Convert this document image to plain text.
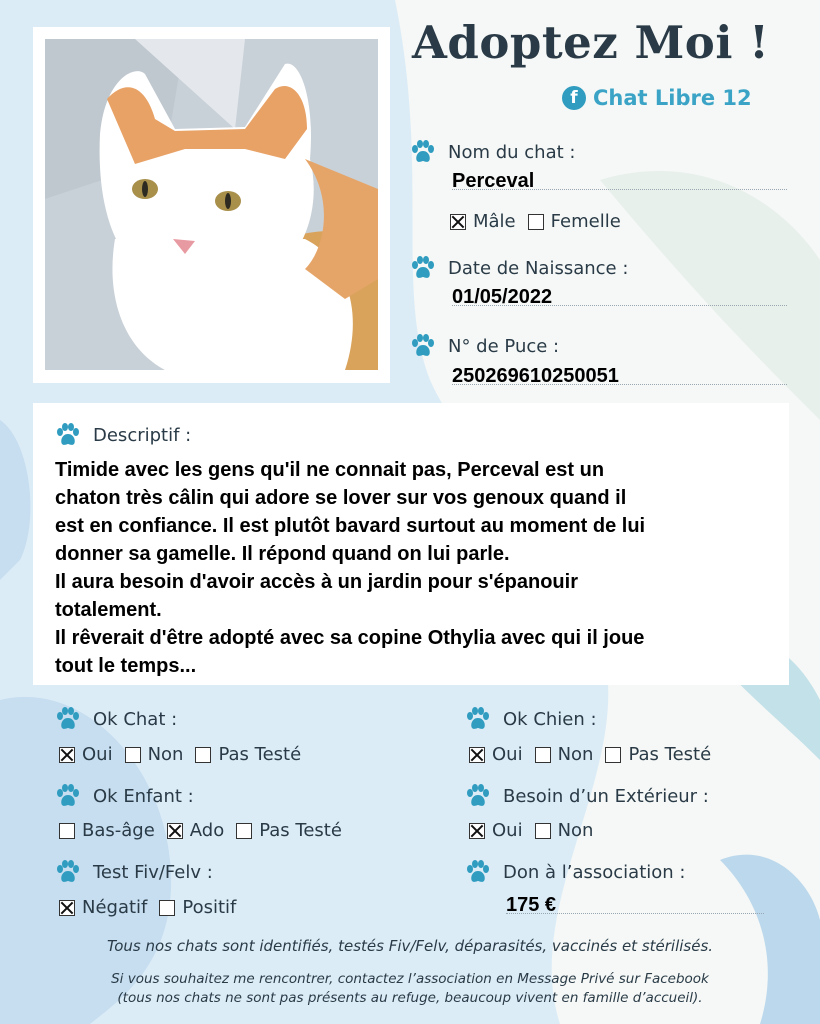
Adoptez Moi !
f Chat Libre 12
Nom du chat :
Perceval
Mâle Femelle
Date de Naissance :
01/05/2022
N° de Puce :
250269610250051
Descriptif :
Timide avec les gens qu'il ne connait pas, Perceval est un
chaton très câlin qui adore se lover sur vos genoux quand il
est en confiance. Il est plutôt bavard surtout au moment de lui
donner sa gamelle. Il répond quand on lui parle.
Il aura besoin d'avoir accès à un jardin pour s'épanouir
totalement.
Il rêverait d'être adopté avec sa copine Othylia avec qui il joue
tout le temps...
Ok Chat :
Oui Non Pas Testé
Ok Chien :
Oui Non Pas Testé
Ok Enfant :
Bas-âge Ado Pas Testé
Besoin d’un Extérieur :
Oui Non
Test Fiv/Felv :
Négatif Positif
Don à l’association :
175 €
Tous nos chats sont identifiés, testés Fiv/Felv, déparasités, vaccinés et stérilisés.
Si vous souhaitez me rencontrer, contactez l’association en Message Privé sur Facebook
(tous nos chats ne sont pas présents au refuge, beaucoup vivent en famille d’accueil).
